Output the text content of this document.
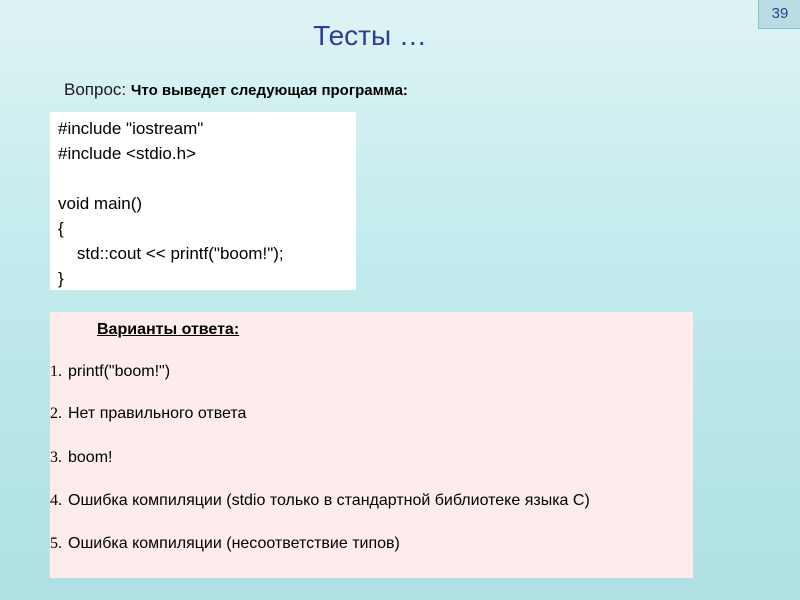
39
Тесты …
Вопрос: Что выведет следующая программа:
#include "iostream"
#include <stdio.h>
void main()
{
std::cout << printf("boom!");
}
Варианты ответа:
1. printf("boom!")
2. Нет правильного ответа
3. boom!
4. Ошибка компиляции (stdio только в стандартной библиотеке языка C)
5. Ошибка компиляции (несоответствие типов)
